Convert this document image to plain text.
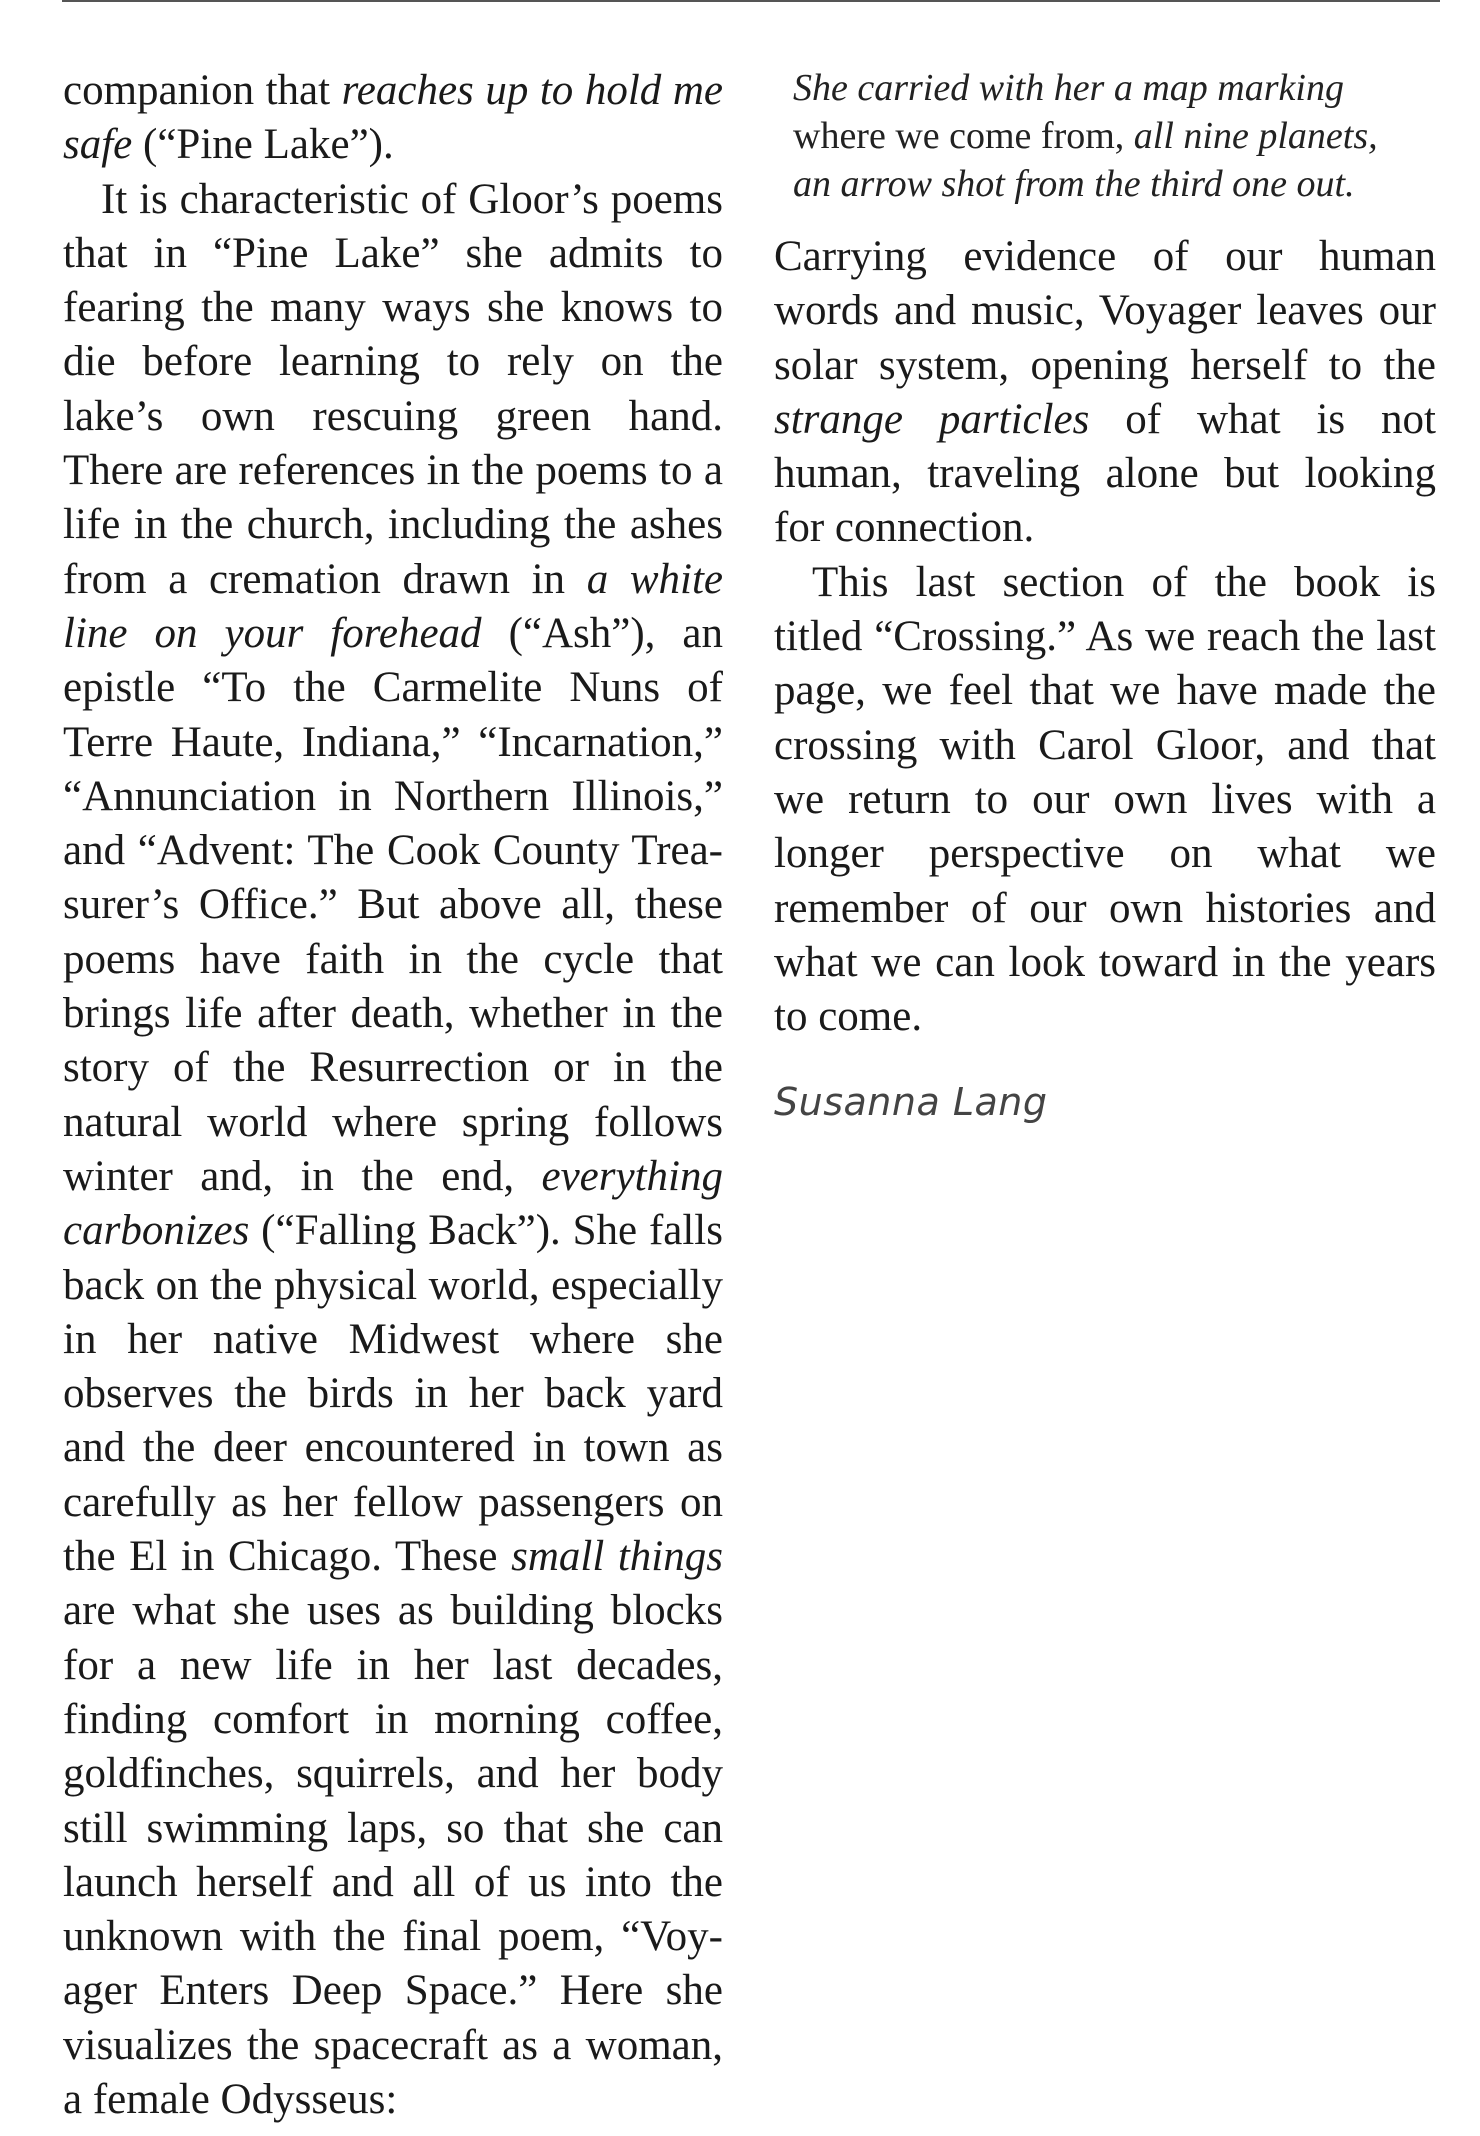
companion that reaches up to hold me safe (“Pine Lake”).

It is characteristic of Gloor’s poems that in “Pine Lake” she admits to fearing the many ways she knows to die before learning to rely on the lake’s own rescuing green hand. There are references in the poems to a life in the church, including the ashes from a cremation drawn in a white line on your forehead (“Ash”), an epistle “To the Carmelite Nuns of Terre Haute, Indiana,” “Incarnation,” “Annunciation in Northern Illinois,” and “Advent: The Cook County Trea-surer’s Office.” But above all, these poems have faith in the cycle that brings life after death, whether in the story of the Resurrection or in the natural world where spring follows winter and, in the end, everything carbonizes (“Falling Back”). She falls back on the physical world, especially in her native Midwest where she observes the birds in her back yard and the deer encountered in town as carefully as her fellow passengers on the El in Chicago. These small things are what she uses as building blocks for a new life in her last decades, finding comfort in morning coffee, goldfinches, squirrels, and her body still swimming laps, so that she can launch herself and all of us into the unknown with the final poem, “Voy-ager Enters Deep Space.” Here she visualizes the spacecraft as a woman, a female Odysseus:

She carried with her a map marking
where we come from, all nine planets,
an arrow shot from the third one out.

Carrying evidence of our human words and music, Voyager leaves our solar system, opening herself to the strange particles of what is not human, traveling alone but looking for connection.

This last section of the book is titled “Crossing.” As we reach the last page, we feel that we have made the crossing with Carol Gloor, and that we return to our own lives with a longer perspective on what we remember of our own histories and what we can look toward in the years to come.

Susanna Lang
